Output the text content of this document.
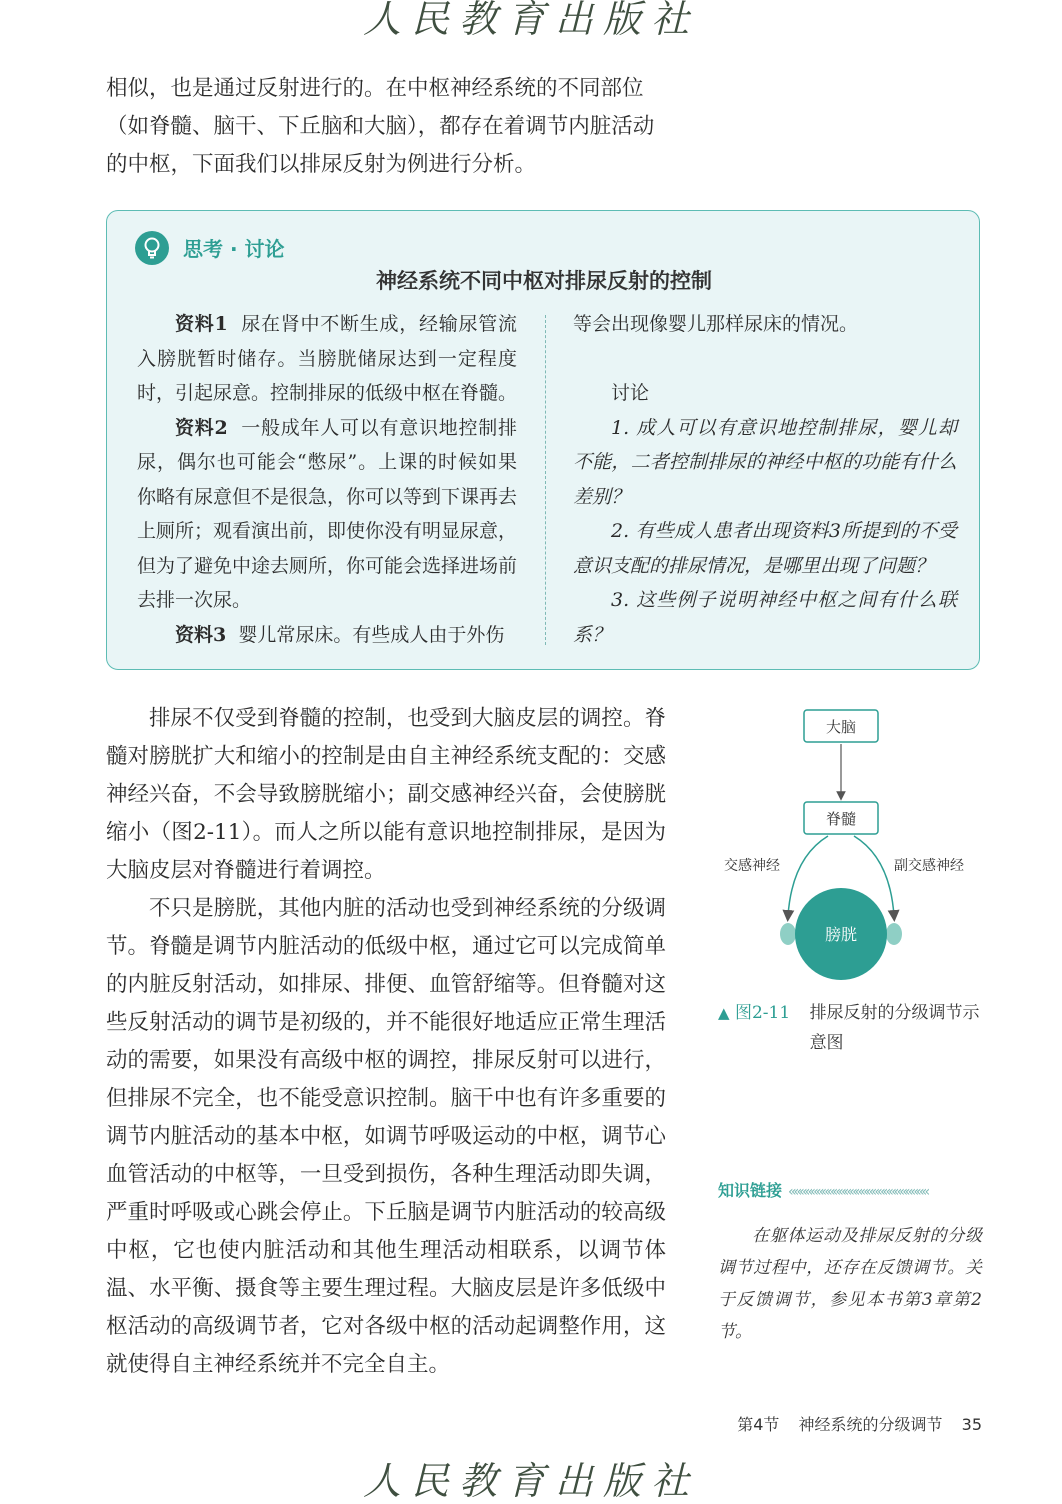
人民教育出版社

相似，也是通过反射进行的。在中枢神经系统的不同部位（如脊髓、脑干、下丘脑和大脑），都存在着调节内脏活动的中枢，下面我们以排尿反射为例进行分析。

思考 · 讨论
神经系统不同中枢对排尿反射的控制

资料1 尿在肾中不断生成，经输尿管流入膀胱暂时储存。当膀胱储尿达到一定程度时，引起尿意。控制排尿的低级中枢在脊髓。

资料2 一般成年人可以有意识地控制排尿，偶尔也可能会“憋尿”。上课的时候如果你略有尿意但不是很急，你可以等到下课再去上厕所；观看演出前，即使你没有明显尿意，但为了避免中途去厕所，你可能会选择进场前去排一次尿。

资料3 婴儿常尿床。有些成人由于外伤

等会出现像婴儿那样尿床的情况。

讨论

1. 成人可以有意识地控制排尿，婴儿却不能，二者控制排尿的神经中枢的功能有什么差别？

2. 有些成人患者出现资料3所提到的不受意识支配的排尿情况，是哪里出现了问题？

3. 这些例子说明神经中枢之间有什么联系？

排尿不仅受到脊髓的控制，也受到大脑皮层的调控。脊髓对膀胱扩大和缩小的控制是由自主神经系统支配的：交感神经兴奋，不会导致膀胱缩小；副交感神经兴奋，会使膀胱缩小（图2-11）。而人之所以能有意识地控制排尿，是因为大脑皮层对脊髓进行着调控。

不只是膀胱，其他内脏的活动也受到神经系统的分级调节。脊髓是调节内脏活动的低级中枢，通过它可以完成简单的内脏反射活动，如排尿、排便、血管舒缩等。但脊髓对这些反射活动的调节是初级的，并不能很好地适应正常生理活动的需要，如果没有高级中枢的调控，排尿反射可以进行，但排尿不完全，也不能受意识控制。脑干中也有许多重要的调节内脏活动的基本中枢，如调节呼吸运动的中枢，调节心血管活动的中枢等，一旦受到损伤，各种生理活动即失调，严重时呼吸或心跳会停止。下丘脑是调节内脏活动的较高级中枢，它也使内脏活动和其他生理活动相联系，以调节体温、水平衡、摄食等主要生理过程。大脑皮层是许多低级中枢活动的高级调节者，它对各级中枢的活动起调整作用，这就使得自主神经系统并不完全自主。

大脑
脊髓
交感神经	副交感神经
膀胱
▲ 图2-11 排尿反射的分级调节示意图
知识链接 «««««««««««««««««««««««««

在躯体运动及排尿反射的分级调节过程中，还存在反馈调节。关于反馈调节，参见本书第3章第2节。

第4节 神经系统的分级调节 35
人民教育出版社
